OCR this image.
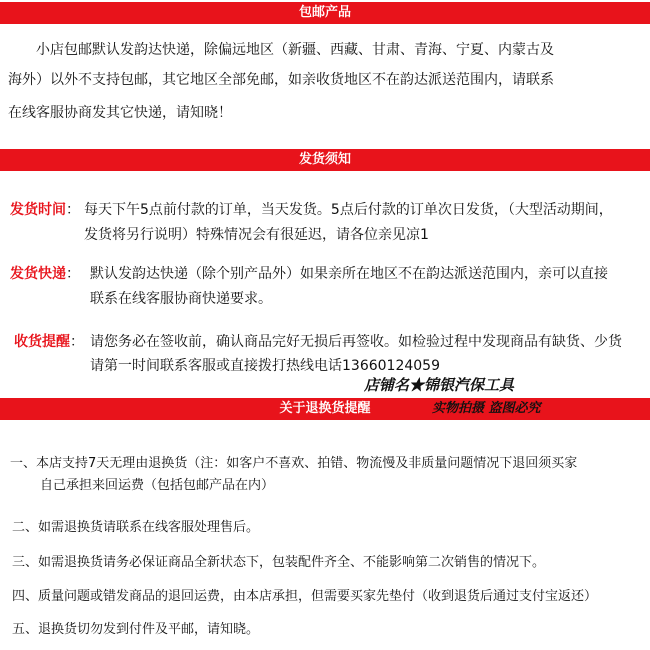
包邮产品
小店包邮默认发韵达快递，除偏远地区（新疆、西藏、甘肃、青海、宁夏、内蒙古及
海外）以外不支持包邮，其它地区全部免邮，如亲收货地区不在韵达派送范围内，请联系
在线客服协商发其它快递，请知晓！
发货须知
发货时间： 每天下午5点前付款的订单，当天发货。5点后付款的订单次日发货，（大型活动期间，
发货将另行说明）特殊情况会有很延迟，请各位亲见凉1
发货快递： 默认发韵达快递（除个别产品外）如果亲所在地区不在韵达派送范围内，亲可以直接
联系在线客服协商快递要求。
收货提醒： 请您务必在签收前，确认商品完好无损后再签收。如检验过程中发现商品有缺货、少货
请第一时间联系客服或直接拨打热线电话13660124059
店铺名★锦银汽保工具
实物拍摄 盗图必究
关于退换货提醒
一、本店支持7天无理由退换货（注：如客户不喜欢、拍错、物流慢及非质量问题情况下退回须买家
自己承担来回运费（包括包邮产品在内）
二、如需退换货请联系在线客服处理售后。
三、如需退换货请务必保证商品全新状态下，包装配件齐全、不能影响第二次销售的情况下。
四、质量问题或错发商品的退回运费，由本店承担，但需要买家先垫付（收到退货后通过支付宝返还）
五、退换货切勿发到付件及平邮，请知晓。
